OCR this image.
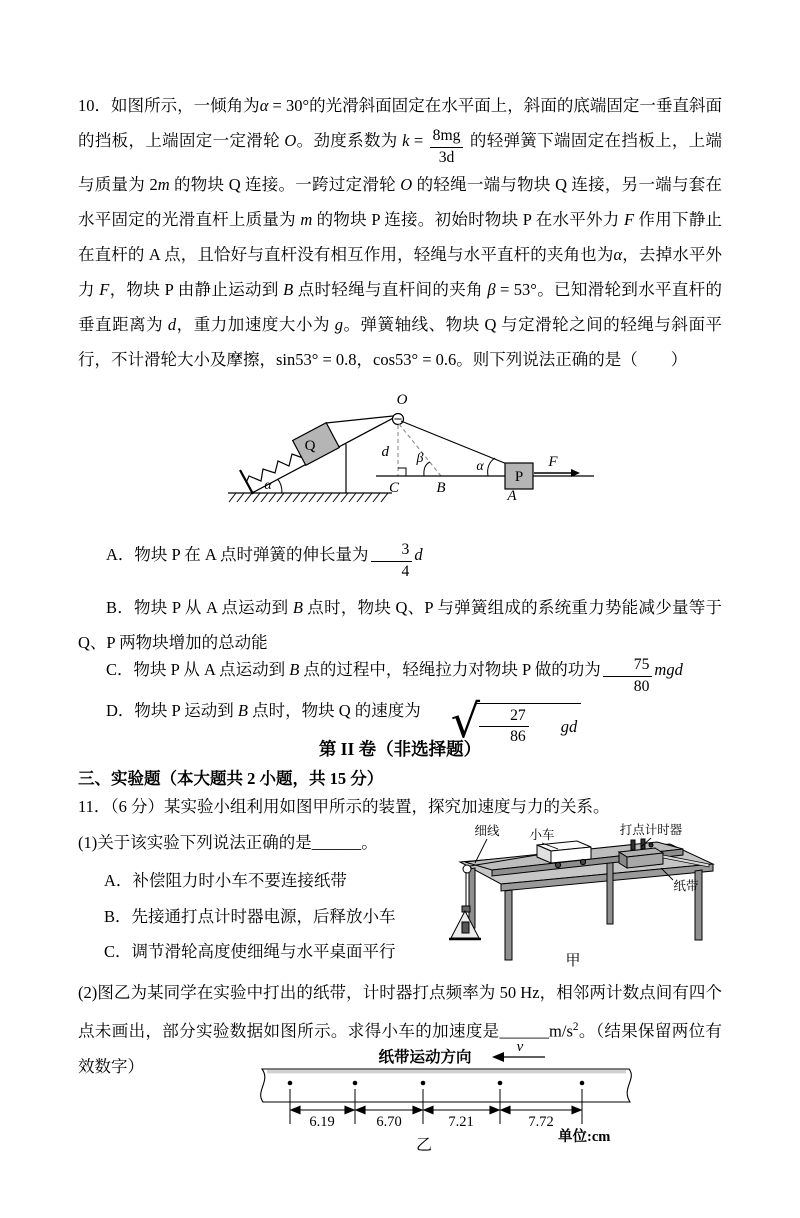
10．如图所示，一倾角为α = 30°的光滑斜面固定在水平面上，斜面的底端固定一垂直斜面的挡板，上端固定一定滑轮 O。劲度系数为 $k = \frac{8mg}{3d}$ 的轻弹簧下端固定在挡板上，上端与质量为 2m 的物块 Q 连接。一跨过定滑轮 O 的轻绳一端与物块 Q 连接，另一端与套在水平固定的光滑直杆上质量为 m 的物块 P 连接。初始时物块 P 在水平外力 F 作用下静止在直杆的 A 点，且恰好与直杆没有相互作用，轻绳与水平直杆的夹角也为α，去掉水平外力 F，物块 P 由静止运动到 B 点时轻绳与直杆间的夹角 β = 53°。已知滑轮到水平直杆的垂直距离为 d，重力加速度大小为 g。弹簧轴线、物块 Q 与定滑轮之间的轻绳与斜面平行，不计滑轮大小及摩擦，sin53° = 0.8，cos53° = 0.6。则下列说法正确的是（　　）

Q
O
α
d β
α
P
A
C B
F

A．物块 P 在 A 点时弹簧的伸长量为 $\frac{3}{4}$ d

B．物块 P 从 A 点运动到 B 点时，物块 Q、P 与弹簧组成的系统重力势能减少量等于 Q、P 两物块增加的总动能

C．物块 P 从 A 点运动到 B 点的过程中，轻绳拉力对物块 P 做的功为 $\frac{75}{80}$ mgd

D．物块 P 运动到 B 点时，物块 Q 的速度为 √ $\frac{27}{86}$	gd

第 II 卷（非选择题）

三、实验题（本大题共 2 小题，共 15 分）

11．（6 分）某实验小组利用如图甲所示的装置，探究加速度与力的关系。

(1)关于该实验下列说法正确的是______。

A．补偿阻力时小车不要连接纸带

B．先接通打点计时器电源，后释放小车

C．调节滑轮高度使细绳与水平桌面平行

细线 小车	打点计时器
纸带
甲

(2)图乙为某同学在实验中打出的纸带，计时器打点频率为 50 Hz，相邻两计数点间有四个点未画出，部分实验数据如图所示。求得小车的加速度是$\_\_\_\_\_\_m/s^2$。（结果保留两位有效数字）	纸带运动方向
v
6.19	6.70	7.21	7.72
单位:cm
乙
